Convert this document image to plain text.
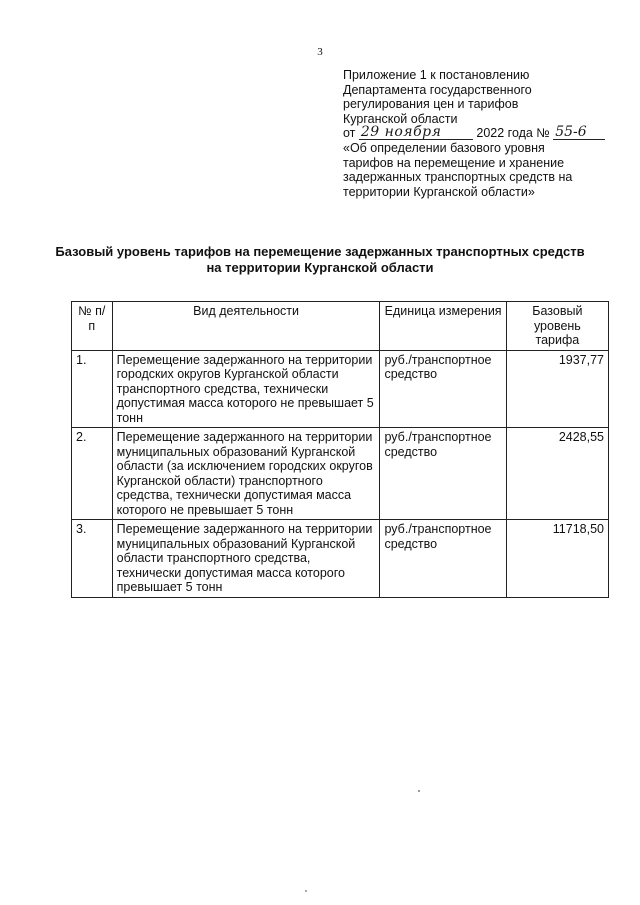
3
Приложение 1 к постановлению
Департамента государственного
регулирования цен и тарифов
Курганской области
от 29 ноября	2022 года № 55-6
«Об определении базового уровня
тарифов на перемещение и хранение
задержанных транспортных средств на
территории Курганской области»
Базовый уровень тарифов на перемещение задержанных транспортных средств
на территории Курганской области
№ п/п	Вид деятельности	Единица измерения	Базовый уровень тарифа
1.	Перемещение задержанного на территории городских округов Курганской области транспортного средства, технически допустимая масса которого не превышает 5 тонн	руб./транспортное средство	1937,77
2.	Перемещение задержанного на территории муниципальных образований Курганской области (за исключением городских округов Курганской области) транспортного средства, технически допустимая масса которого не превышает 5 тонн	руб./транспортное средство	2428,55
3.	Перемещение задержанного на территории муниципальных образований Курганской области транспортного средства, технически допустимая масса которого превышает 5 тонн	руб./транспортное средство	11718,50
